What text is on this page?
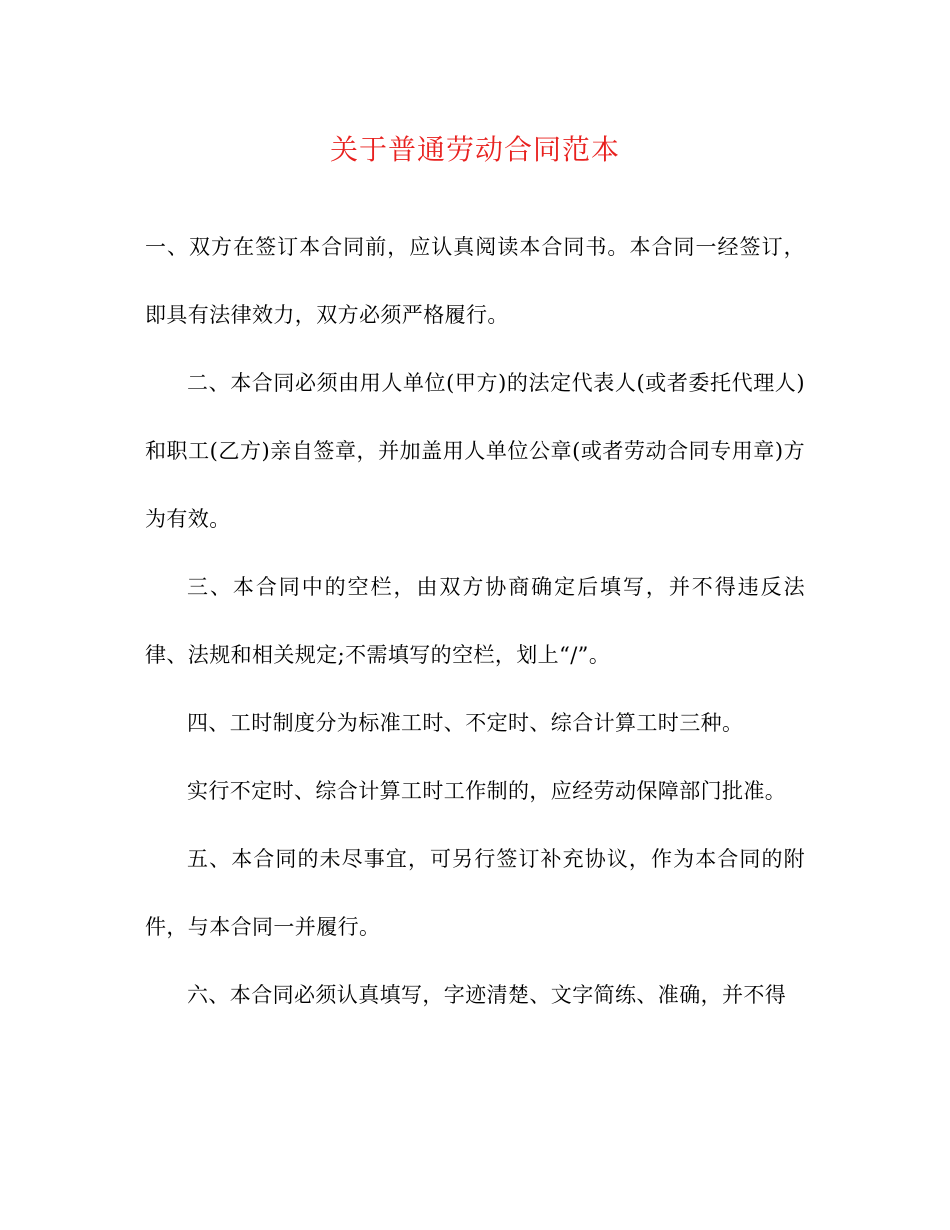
关于普通劳动合同范本

一、双方在签订本合同前，应认真阅读本合同书。本合同一经签订，即具有法律效力，双方必须严格履行。

二、本合同必须由用人单位(甲方)的法定代表人(或者委托代理人)和职工(乙方)亲自签章，并加盖用人单位公章(或者劳动合同专用章)方为有效。

三、本合同中的空栏，由双方协商确定后填写，并不得违反法律、法规和相关规定;不需填写的空栏，划上“/”。

四、工时制度分为标准工时、不定时、综合计算工时三种。

实行不定时、综合计算工时工作制的，应经劳动保障部门批准。

五、本合同的未尽事宜，可另行签订补充协议，作为本合同的附件，与本合同一并履行。

六、本合同必须认真填写，字迹清楚、文字简练、准确，并不得
